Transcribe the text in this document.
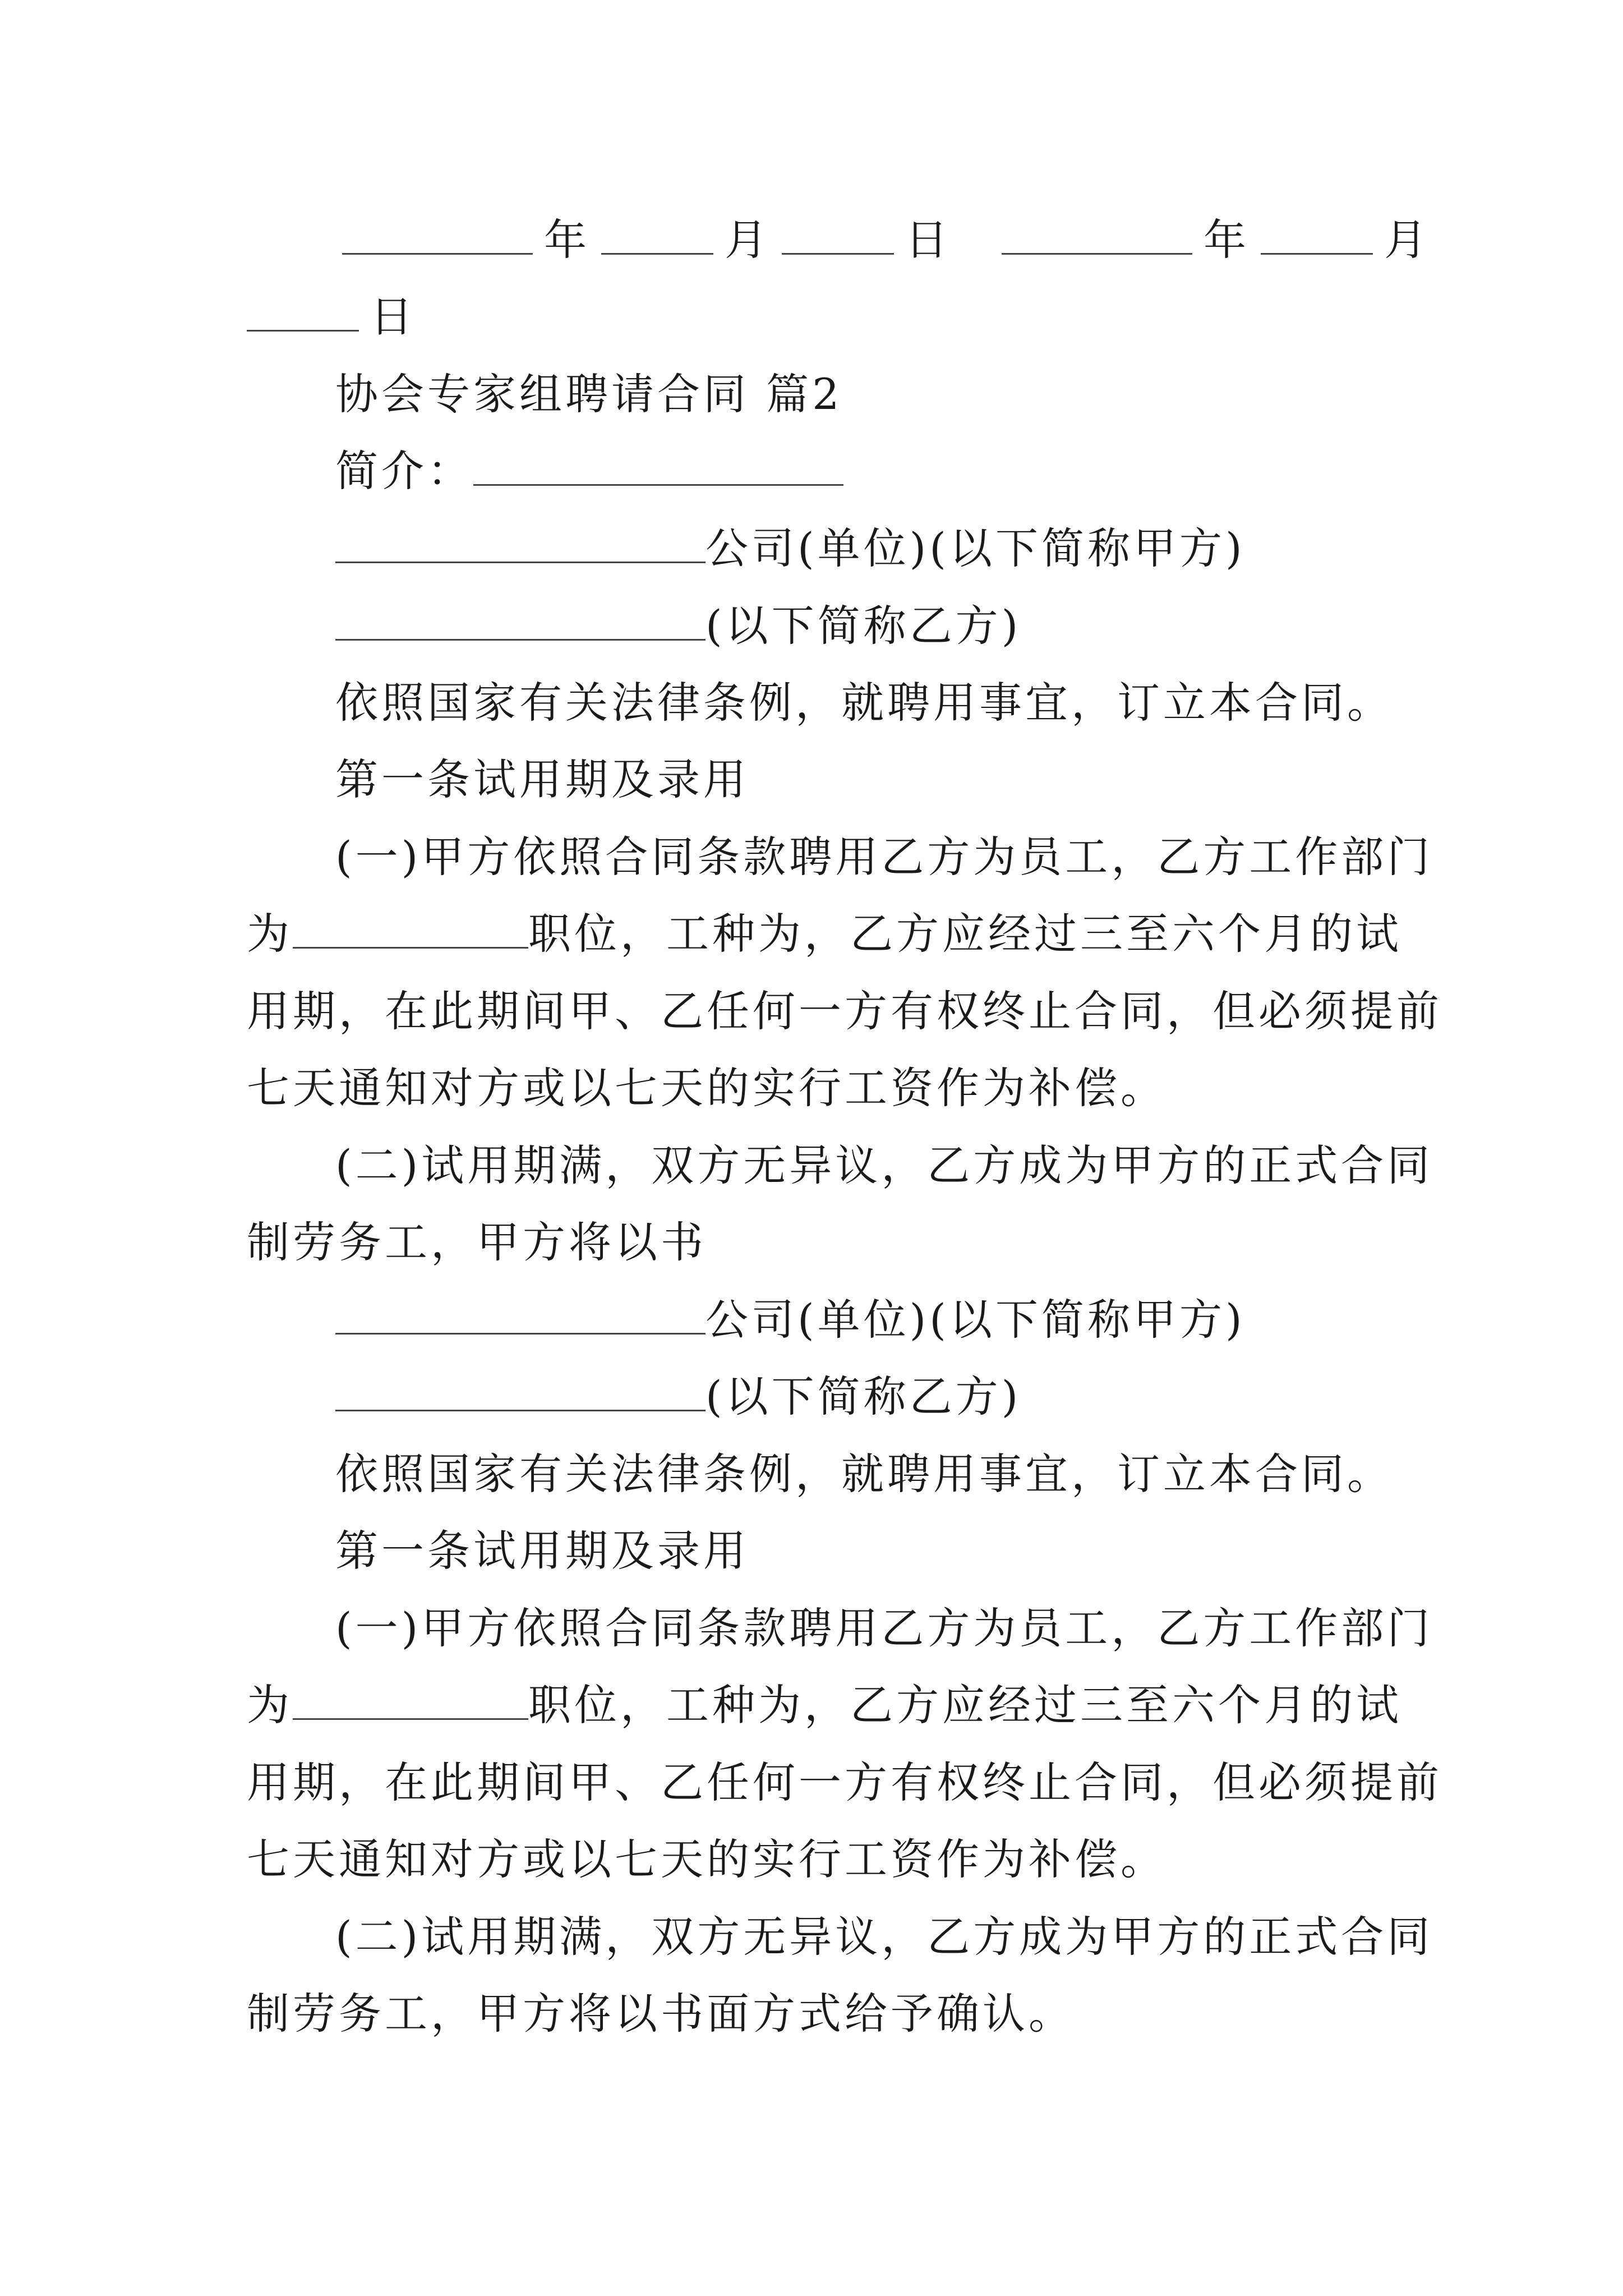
年	月	日	年	月
日
协会专家组聘请合同 篇2
简介：
公司(单位)(以下简称甲方)
(以下简称乙方)
依照国家有关法律条例，就聘用事宜，订立本合同。
第一条试用期及录用
(一)甲方依照合同条款聘用乙方为员工，乙方工作部门
为	职位，工种为，乙方应经过三至六个月的试
用期，在此期间甲、乙任何一方有权终止合同，但必须提前
七天通知对方或以七天的实行工资作为补偿。
(二)试用期满，双方无异议，乙方成为甲方的正式合同
制劳务工，甲方将以书
公司(单位)(以下简称甲方)
(以下简称乙方)
依照国家有关法律条例，就聘用事宜，订立本合同。
第一条试用期及录用
(一)甲方依照合同条款聘用乙方为员工，乙方工作部门
为	职位，工种为，乙方应经过三至六个月的试
用期，在此期间甲、乙任何一方有权终止合同，但必须提前
七天通知对方或以七天的实行工资作为补偿。
(二)试用期满，双方无异议，乙方成为甲方的正式合同
制劳务工，甲方将以书面方式给予确认。
